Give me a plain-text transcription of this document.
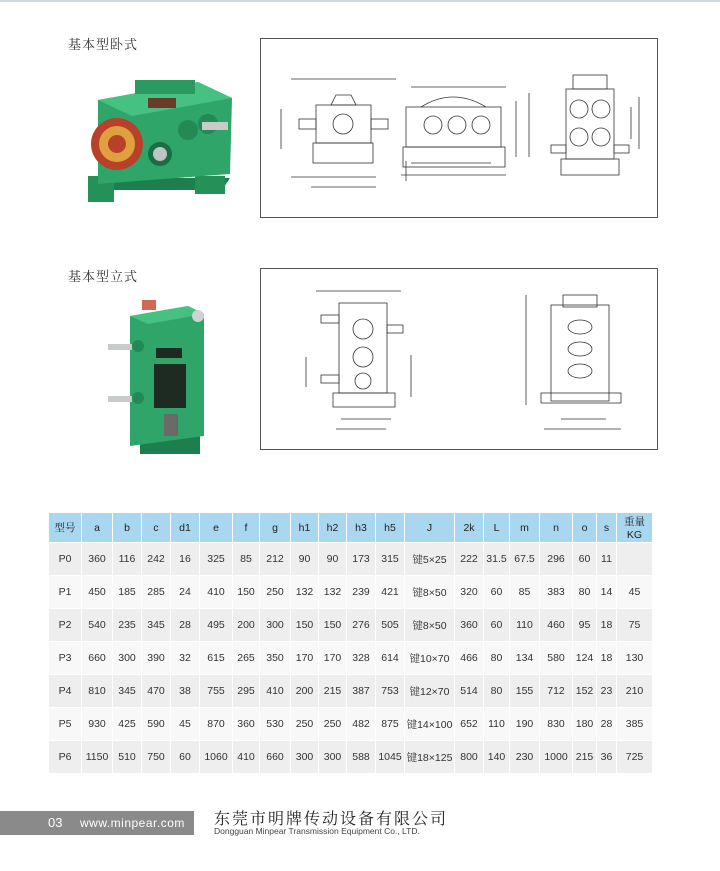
基本型卧式
基本型立式
型号	a	b	c	d1	e	f	g	h1	h2	h3	h5	J	2k	L	m	n	o	s	重量KG
P0	360	116	242	16	325	85	212	90	90	173	315	键5×25	222	31.5	67.5	296	60	11	
P1	450	185	285	24	410	150	250	132	132	239	421	键8×50	320	60	85	383	80	14	45
P2	540	235	345	28	495	200	300	150	150	276	505	键8×50	360	60	110	460	95	18	75
P3	660	300	390	32	615	265	350	170	170	328	614	键10×70	466	80	134	580	124	18	130
P4	810	345	470	38	755	295	410	200	215	387	753	键12×70	514	80	155	712	152	23	210
P5	930	425	590	45	870	360	530	250	250	482	875	键14×100	652	110	190	830	180	28	385
P6	1150	510	750	60	1060	410	660	300	300	588	1045	键18×125	800	140	230	1000	215	36	725
03 www.minpear.com 东莞市明牌传动设备有限公司
Dongguan Minpear Transmission Equipment Co., LTD.
